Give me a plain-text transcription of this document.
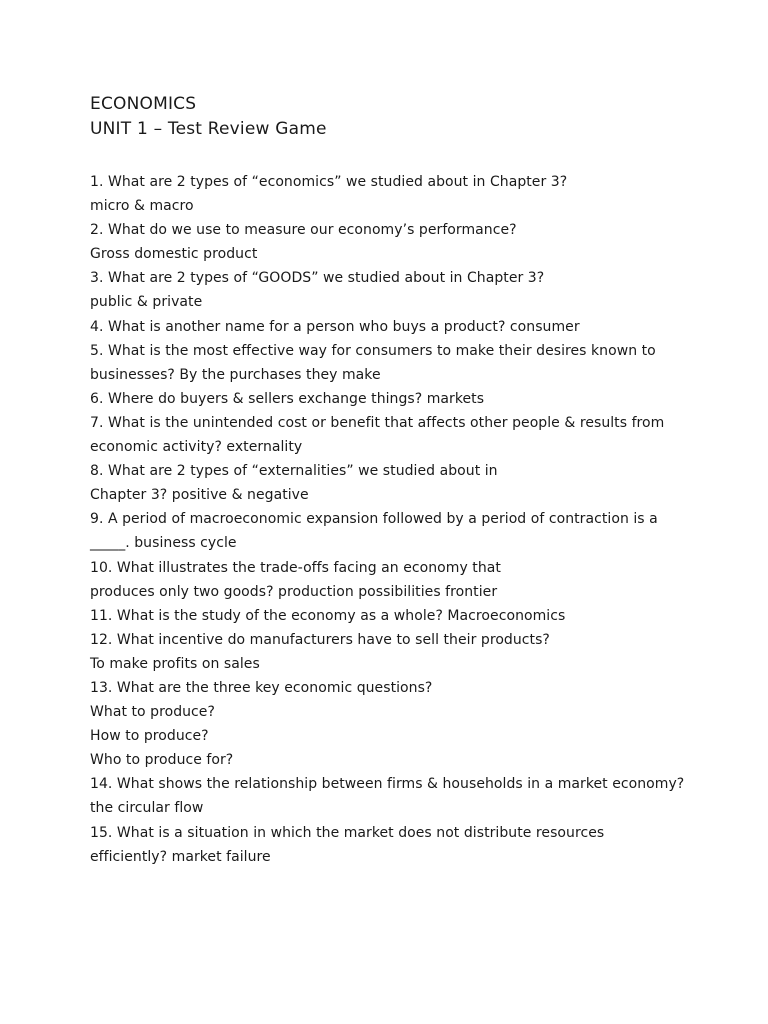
ECONOMICS
UNIT 1 – Test Review Game
1. What are 2 types of “economics” we studied about in Chapter 3?
micro & macro
2. What do we use to measure our economy’s performance?
Gross domestic product
3. What are 2 types of “GOODS” we studied about in Chapter 3?
public & private
4. What is another name for a person who buys a product? consumer
5. What is the most effective way for consumers to make their desires known to
businesses? By the purchases they make
6. Where do buyers & sellers exchange things? markets
7. What is the unintended cost or benefit that affects other people & results from
economic activity? externality
8. What are 2 types of “externalities” we studied about in
Chapter 3? positive & negative
9. A period of macroeconomic expansion followed by a period of contraction is a
_____. business cycle
10. What illustrates the trade-offs facing an economy that
produces only two goods? production possibilities frontier
11. What is the study of the economy as a whole? Macroeconomics
12. What incentive do manufacturers have to sell their products?
To make profits on sales
13. What are the three key economic questions?
What to produce?
How to produce?
Who to produce for?
14. What shows the relationship between firms & households in a market economy?
the circular flow
15. What is a situation in which the market does not distribute resources
efficiently? market failure
